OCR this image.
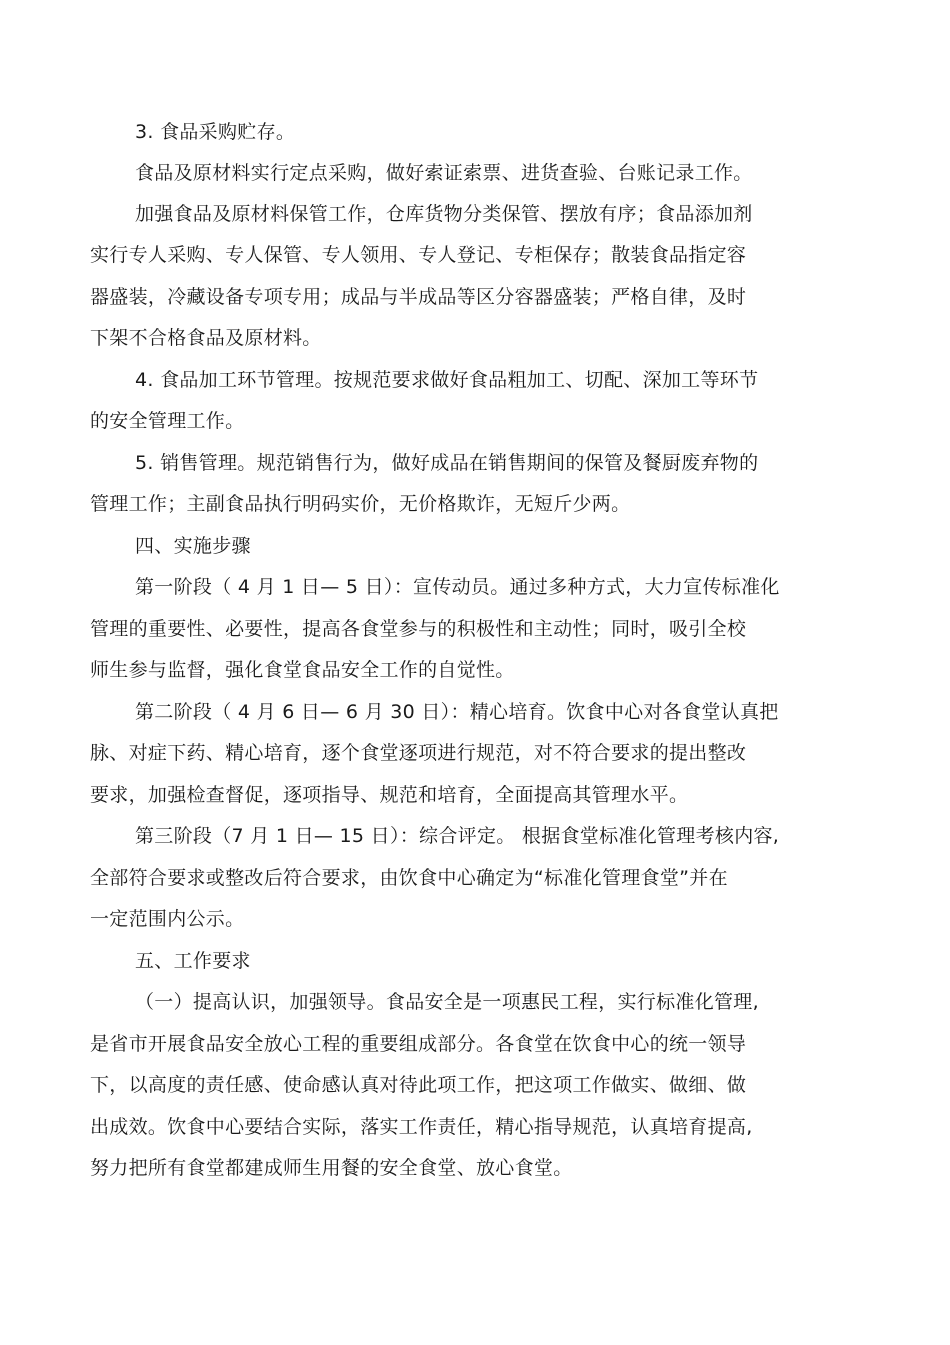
3. 食品采购贮存。
食品及原材料实行定点采购，做好索证索票、进货查验、台账记录工作。
加强食品及原材料保管工作，仓库货物分类保管、摆放有序；食品添加剂
实行专人采购、专人保管、专人领用、专人登记、专柜保存；散装食品指定容
器盛装，冷藏设备专项专用；成品与半成品等区分容器盛装；严格自律，及时
下架不合格食品及原材料。
4. 食品加工环节管理。按规范要求做好食品粗加工、切配、深加工等环节
的安全管理工作。
5. 销售管理。规范销售行为，做好成品在销售期间的保管及餐厨废弃物的
管理工作；主副食品执行明码实价，无价格欺诈，无短斤少两。
四、实施步骤
第一阶段（ 4 月 1 日— 5 日）：宣传动员。通过多种方式，大力宣传标准化
管理的重要性、必要性，提高各食堂参与的积极性和主动性；同时，吸引全校
师生参与监督，强化食堂食品安全工作的自觉性。
第二阶段（ 4 月 6 日— 6 月 30 日）：精心培育。饮食中心对各食堂认真把
脉、对症下药、精心培育，逐个食堂逐项进行规范，对不符合要求的提出整改
要求，加强检查督促，逐项指导、规范和培育，全面提高其管理水平。
第三阶段（7 月 1 日— 15 日）：综合评定。 根据食堂标准化管理考核内容,
全部符合要求或整改后符合要求，由饮食中心确定为“标准化管理食堂”并在
一定范围内公示。
五、工作要求
（一）提高认识，加强领导。食品安全是一项惠民工程，实行标准化管理,
是省市开展食品安全放心工程的重要组成部分。各食堂在饮食中心的统一领导
下，以高度的责任感、使命感认真对待此项工作，把这项工作做实、做细、做
出成效。饮食中心要结合实际，落实工作责任，精心指导规范，认真培育提高,
努力把所有食堂都建成师生用餐的安全食堂、放心食堂。
